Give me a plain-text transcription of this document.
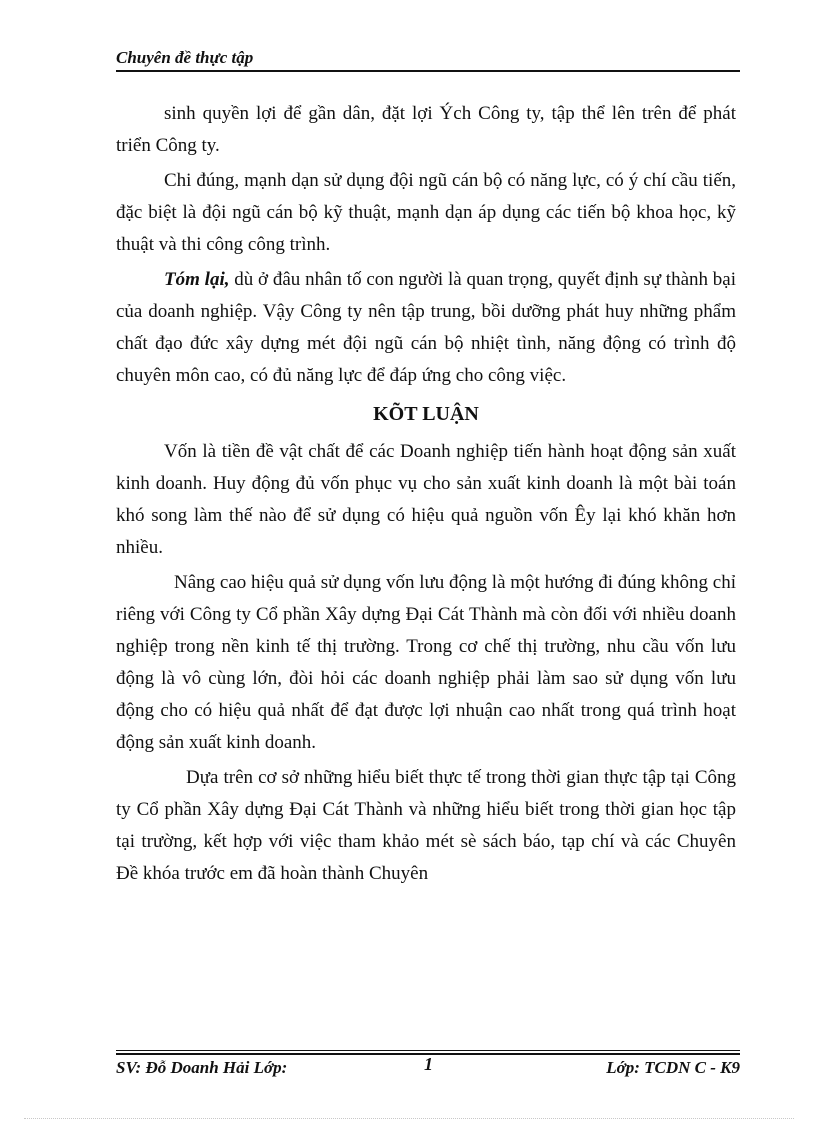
Chuyên đề thực tập

sinh quyền lợi để gần dân, đặt lợi Ých Công ty, tập thể lên trên để phát triển Công ty.

Chi đúng, mạnh dạn sử dụng đội ngũ cán bộ có năng lực, có ý chí cầu tiến, đặc biệt là đội ngũ cán bộ kỹ thuật, mạnh dạn áp dụng các tiến bộ khoa học, kỹ thuật và thi công công trình.

Tóm lại, dù ở đâu nhân tố con người là quan trọng, quyết định sự thành bại của doanh nghiệp. Vậy Công ty nên tập trung, bồi dưỡng phát huy những phẩm chất đạo đức xây dựng mét đội ngũ cán bộ nhiệt tình, năng động có trình độ chuyên môn cao, có đủ năng lực để đáp ứng cho công việc.

KÕT LUẬN

Vốn là tiền đề vật chất để các Doanh nghiệp tiến hành hoạt động sản xuất kinh doanh. Huy động đủ vốn phục vụ cho sản xuất kinh doanh là một bài toán khó song làm thế nào để sử dụng có hiệu quả nguồn vốn Êy lại khó khăn hơn nhiều.

Nâng cao hiệu quả sử dụng vốn lưu động là một hướng đi đúng không chỉ riêng với Công ty Cổ phần Xây dựng Đại Cát Thành mà còn đối với nhiều doanh nghiệp trong nền kinh tế thị trường. Trong cơ chế thị trường, nhu cầu vốn lưu động là vô cùng lớn, đòi hỏi các doanh nghiệp phải làm sao sử dụng vốn lưu động cho có hiệu quả nhất để đạt được lợi nhuận cao nhất trong quá trình hoạt động sản xuất kinh doanh.

Dựa trên cơ sở những hiểu biết thực tế trong thời gian thực tập tại Công ty Cổ phần Xây dựng Đại Cát Thành và những hiểu biết trong thời gian học tập tại trường, kết hợp với việc tham khảo mét sè sách báo, tạp chí và các Chuyên Đề khóa trước em đã hoàn thành Chuyên

SV: Đỗ Doanh Hải Lớp:	1	Lớp: TCDN C - K9
